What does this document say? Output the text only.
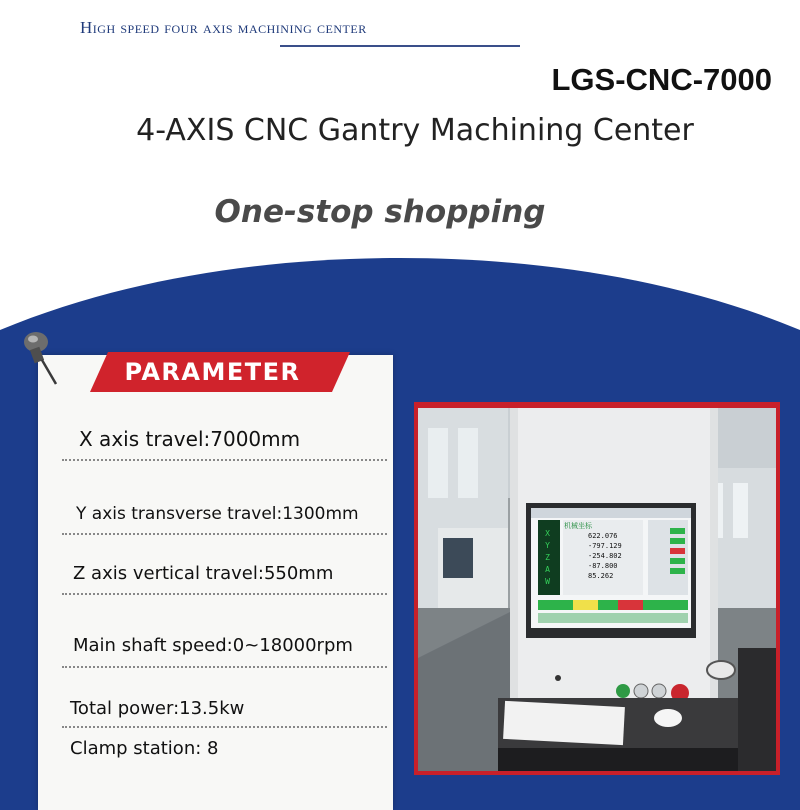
High speed four axis machining center
LGS-CNC-7000
4-AXIS CNC Gantry Machining Center
One-stop shopping
PARAMETER
X axis travel:7000mm
Y axis transverse travel:1300mm
Z axis vertical travel:550mm
Main shaft speed:0~18000rpm
Total power:13.5kw
Clamp station: 8
622.076
-797.129
-254.802
-87.800
85.262
机械坐标
XYZAW
